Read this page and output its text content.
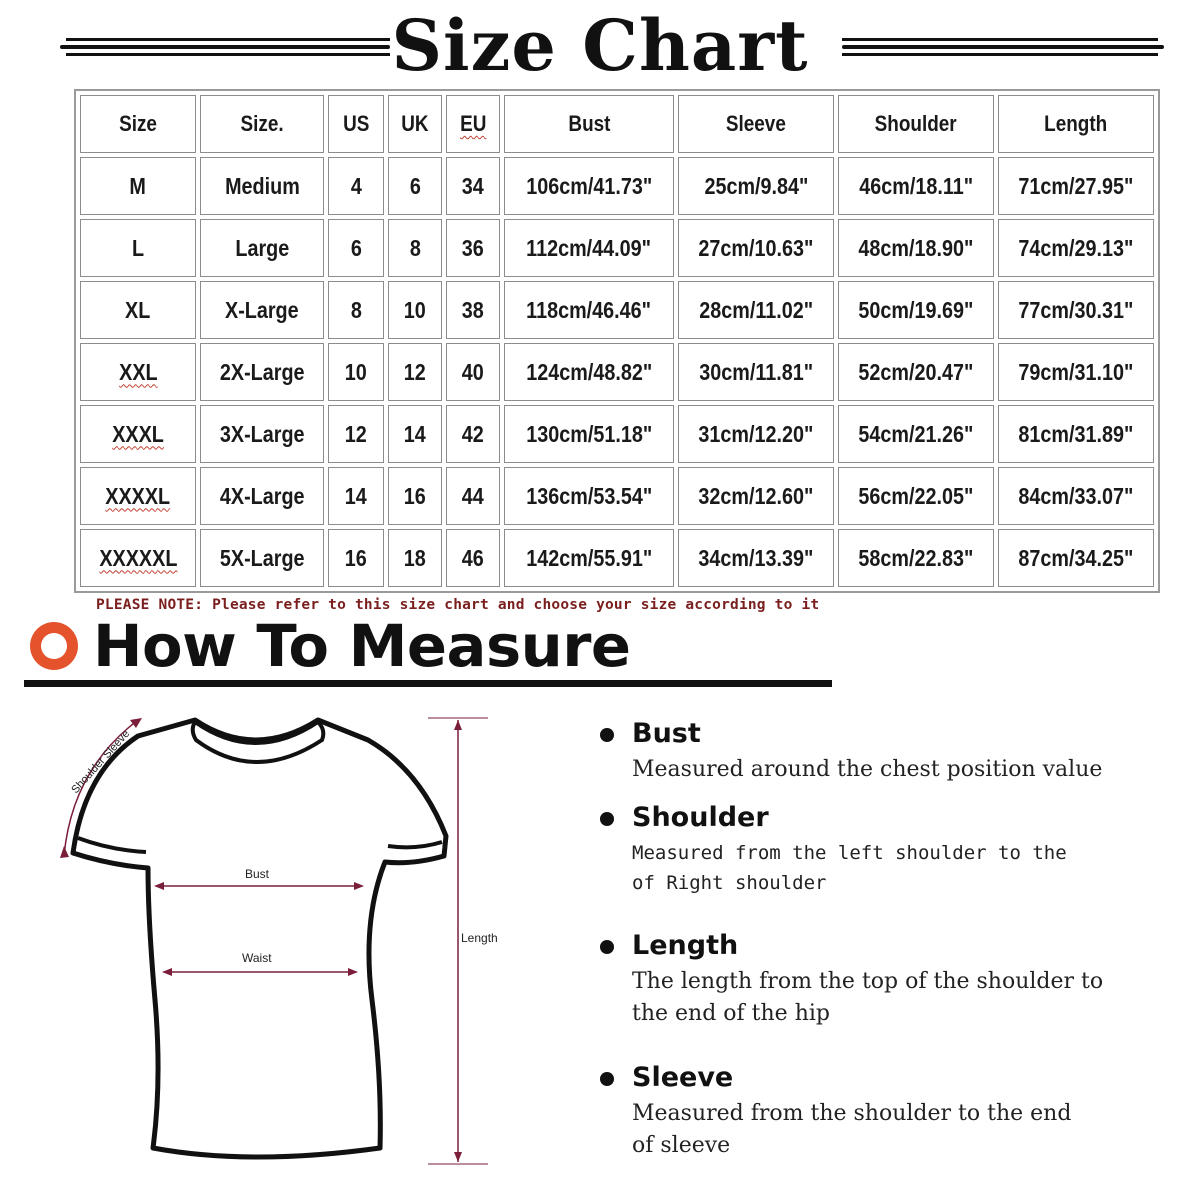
Size Chart
Size	Size.	US	UK	EU	Bust	Sleeve	Shoulder	Length
M	Medium	4	6	34	106cm/41.73"	25cm/9.84"	46cm/18.11"	71cm/27.95"
L	Large	6	8	36	112cm/44.09"	27cm/10.63"	48cm/18.90"	74cm/29.13"
XL	X-Large	8	10	38	118cm/46.46"	28cm/11.02"	50cm/19.69"	77cm/30.31"
XXL	2X-Large	10	12	40	124cm/48.82"	30cm/11.81"	52cm/20.47"	79cm/31.10"
XXXL	3X-Large	12	14	42	130cm/51.18"	31cm/12.20"	54cm/21.26"	81cm/31.89"
XXXXL	4X-Large	14	16	44	136cm/53.54"	32cm/12.60"	56cm/22.05"	84cm/33.07"
XXXXXL	5X-Large	16	18	46	142cm/55.91"	34cm/13.39"	58cm/22.83"	87cm/34.25"
PLEASE NOTE: Please refer to this size chart and choose your size according to it
How To Measure
Shoulder Sleeve
Bust
Waist
Length
Bust
Measured around the chest position value
Shoulder
Measured from the left shoulder to the
of Right shoulder
Length
The length from the top of the shoulder to
the end of the hip
Sleeve
Measured from the shoulder to the end
of sleeve
